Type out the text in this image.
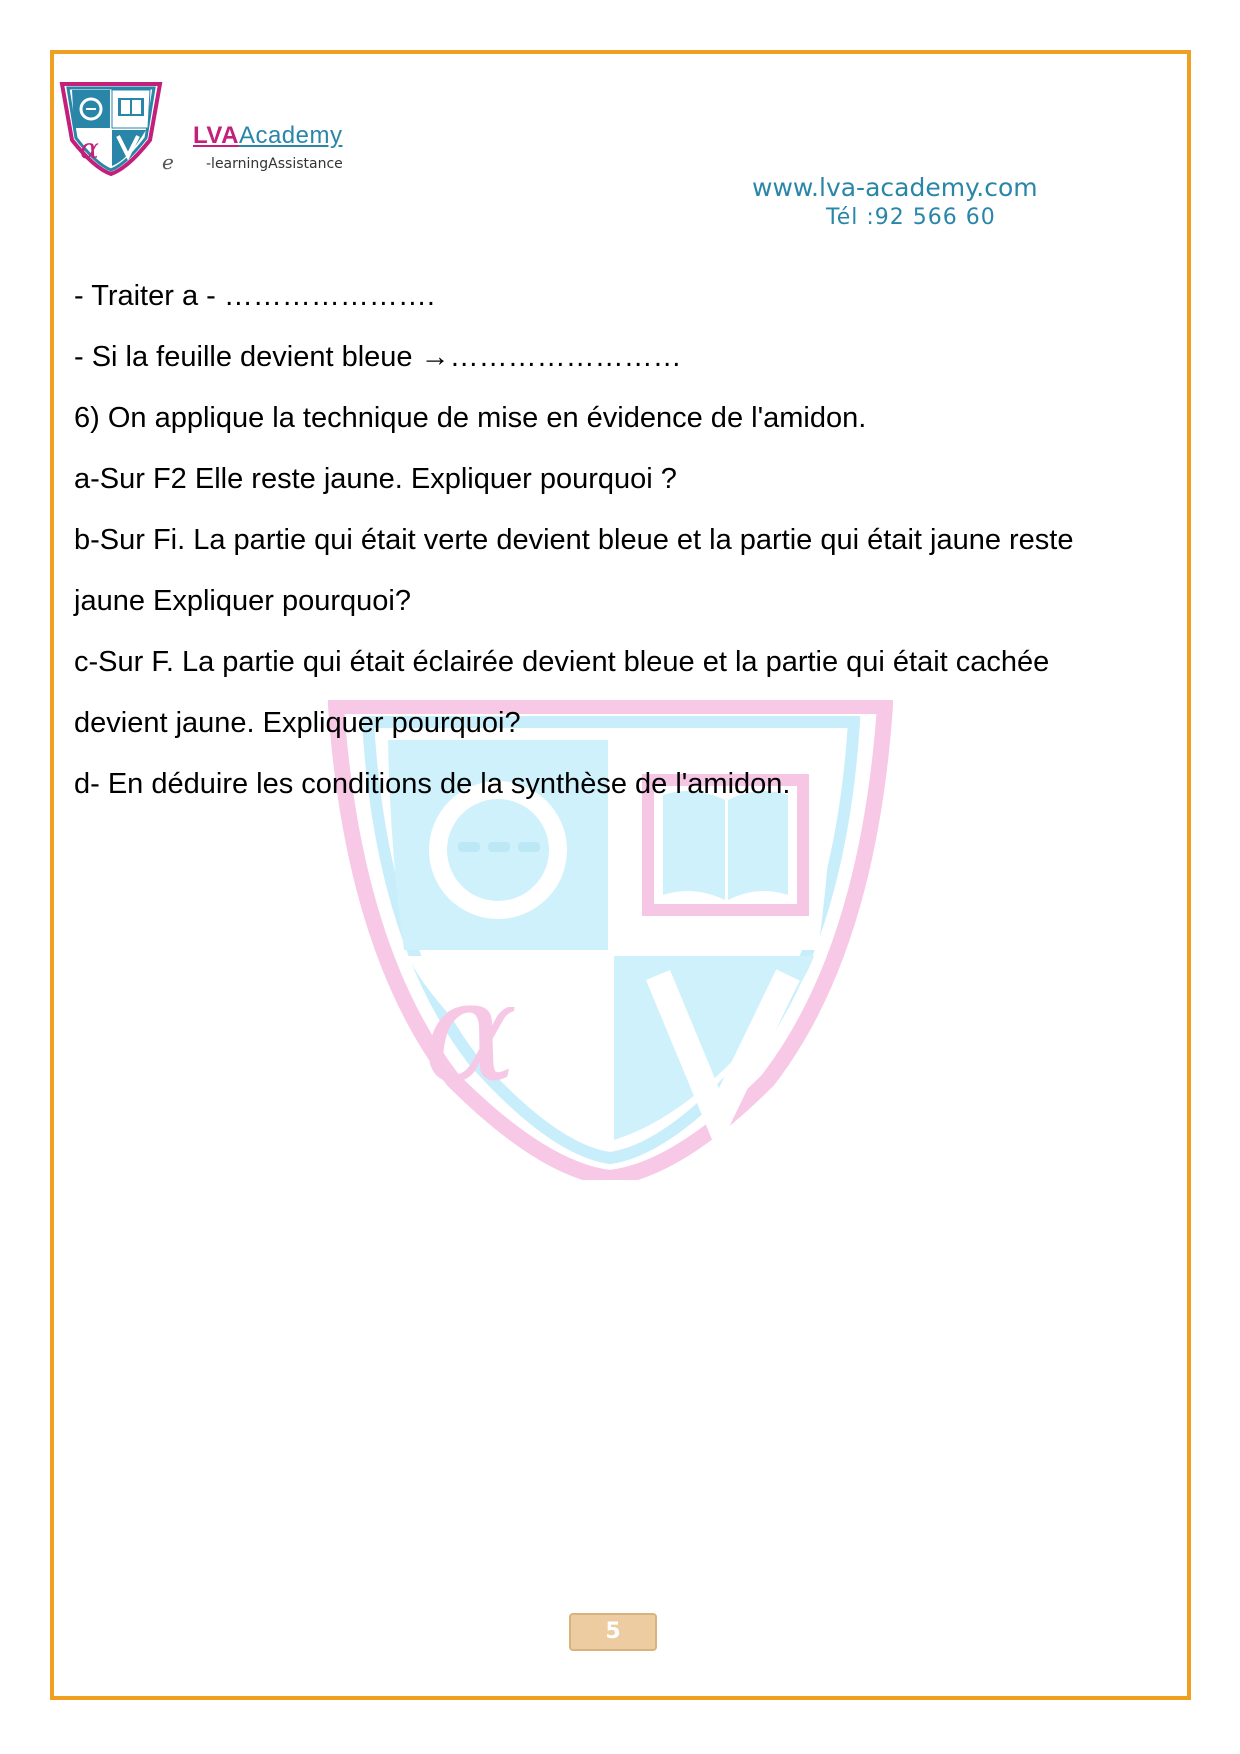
α	e
LVAAcademy
-learningAssistance
www.lva-academy.com
Tél :92 566 60
α
- Traiter a - ………………….
- Si la feuille devient bleue →……………………
6) On applique la technique de mise en évidence de l'amidon.
a-Sur F2 Elle reste jaune. Expliquer pourquoi ?
b-Sur Fi. La partie qui était verte devient bleue et la partie qui était jaune reste
jaune Expliquer pourquoi?
c-Sur F. La partie qui était éclairée devient bleue et la partie qui était cachée
devient jaune. Expliquer pourquoi?
d- En déduire les conditions de la synthèse de l'amidon.
5
